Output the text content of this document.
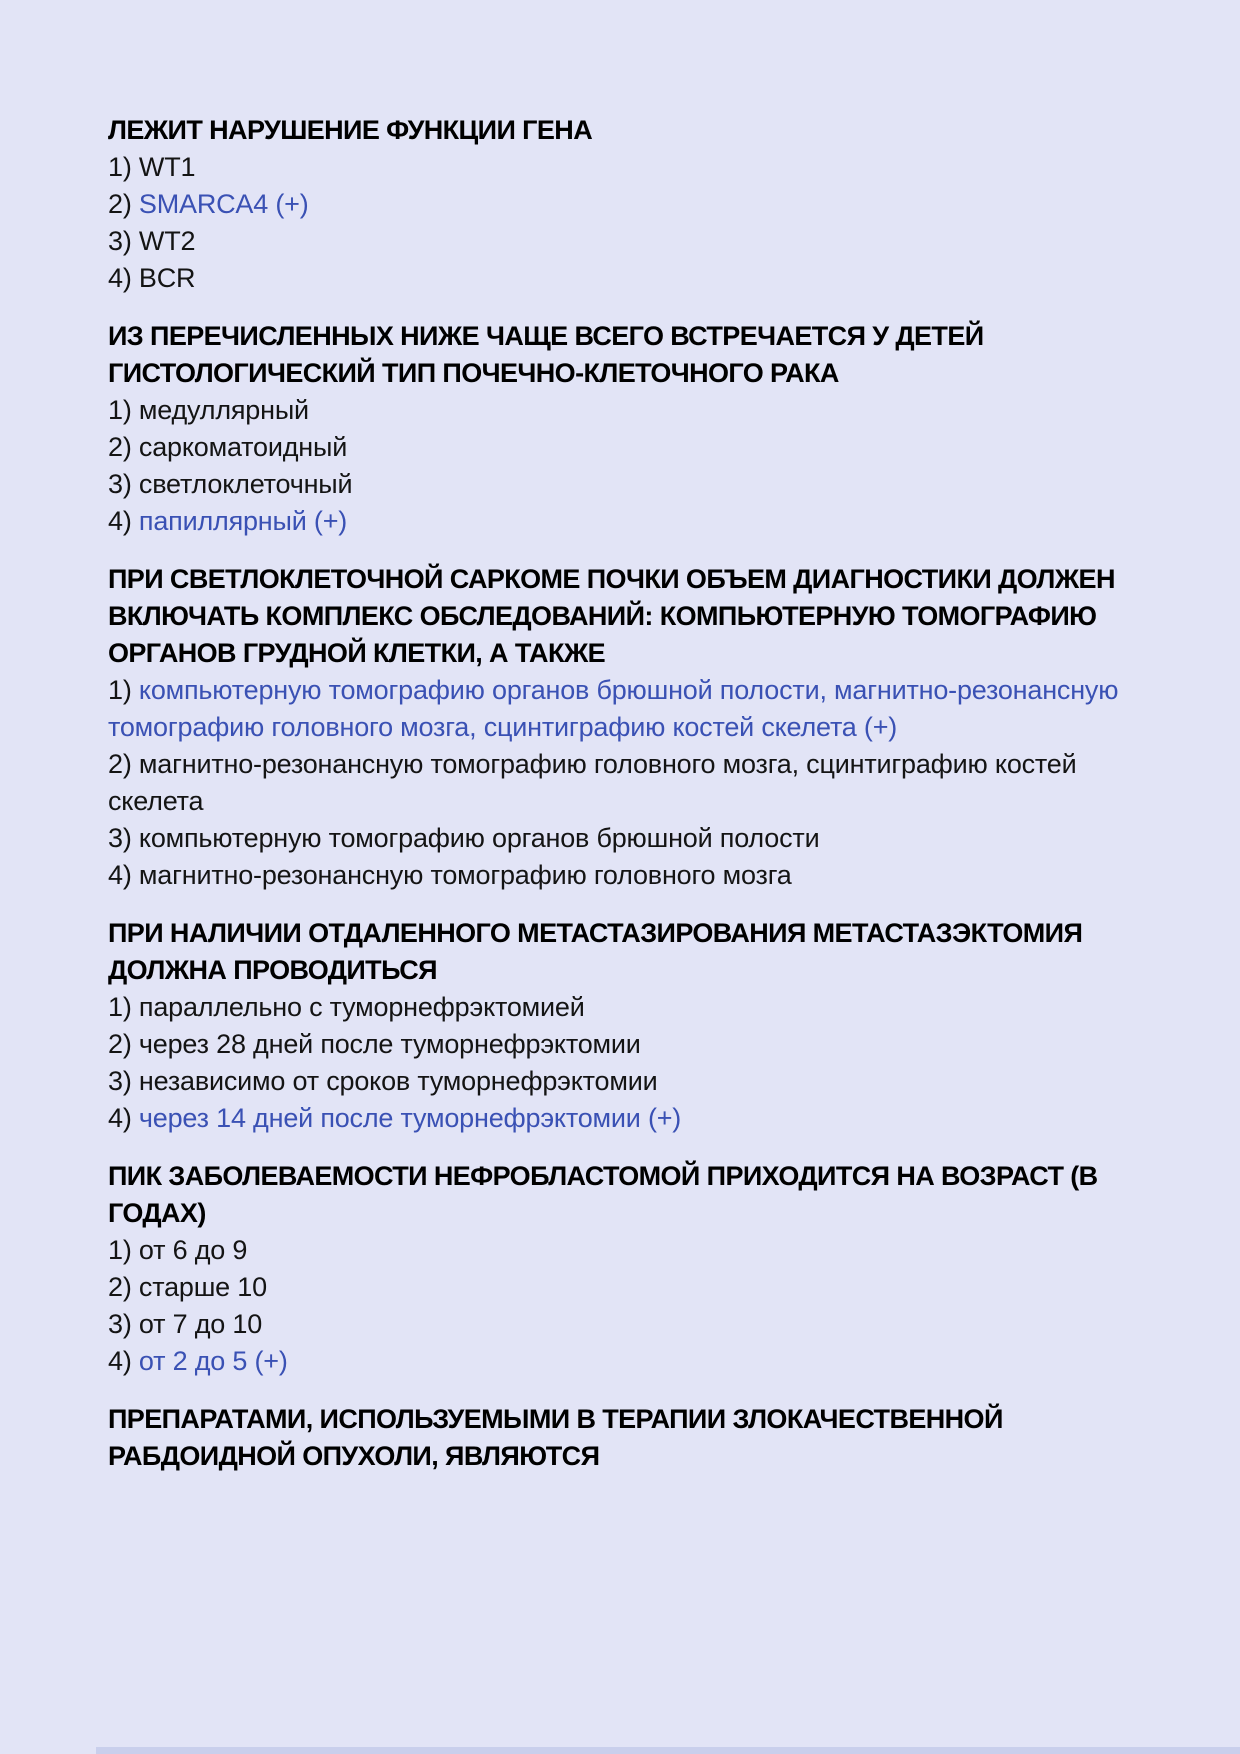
ЛЕЖИТ НАРУШЕНИЕ ФУНКЦИИ ГЕНА
1) WT1
2) SMARCA4 (+)
3) WT2
4) BCR
ИЗ ПЕРЕЧИСЛЕННЫХ НИЖЕ ЧАЩЕ ВСЕГО ВСТРЕЧАЕТСЯ У ДЕТЕЙ ГИСТОЛОГИЧЕСКИЙ ТИП ПОЧЕЧНО-КЛЕТОЧНОГО РАКА
1) медуллярный
2) саркоматоидный
3) светлоклеточный
4) папиллярный (+)
ПРИ СВЕТЛОКЛЕТОЧНОЙ САРКОМЕ ПОЧКИ ОБЪЕМ ДИАГНОСТИКИ ДОЛЖЕН ВКЛЮЧАТЬ КОМПЛЕКС ОБСЛЕДОВАНИЙ: КОМПЬЮТЕРНУЮ ТОМОГРАФИЮ ОРГАНОВ ГРУДНОЙ КЛЕТКИ, А ТАКЖЕ
1) компьютерную томографию органов брюшной полости, магнитно-резонансную томографию головного мозга, сцинтиграфию костей скелета (+)
2) магнитно-резонансную томографию головного мозга, сцинтиграфию костей скелета
3) компьютерную томографию органов брюшной полости
4) магнитно-резонансную томографию головного мозга
ПРИ НАЛИЧИИ ОТДАЛЕННОГО МЕТАСТАЗИРОВАНИЯ МЕТАСТАЗЭКТОМИЯ ДОЛЖНА ПРОВОДИТЬСЯ
1) параллельно с туморнефрэктомией
2) через 28 дней после туморнефрэктомии
3) независимо от сроков туморнефрэктомии
4) через 14 дней после туморнефрэктомии (+)
ПИК ЗАБОЛЕВАЕМОСТИ НЕФРОБЛАСТОМОЙ ПРИХОДИТСЯ НА ВОЗРАСТ (В ГОДАХ)
1) от 6 до 9
2) старше 10
3) от 7 до 10
4) от 2 до 5 (+)
ПРЕПАРАТАМИ, ИСПОЛЬЗУЕМЫМИ В ТЕРАПИИ ЗЛОКАЧЕСТВЕННОЙ РАБДОИДНОЙ ОПУХОЛИ, ЯВЛЯЮТСЯ
